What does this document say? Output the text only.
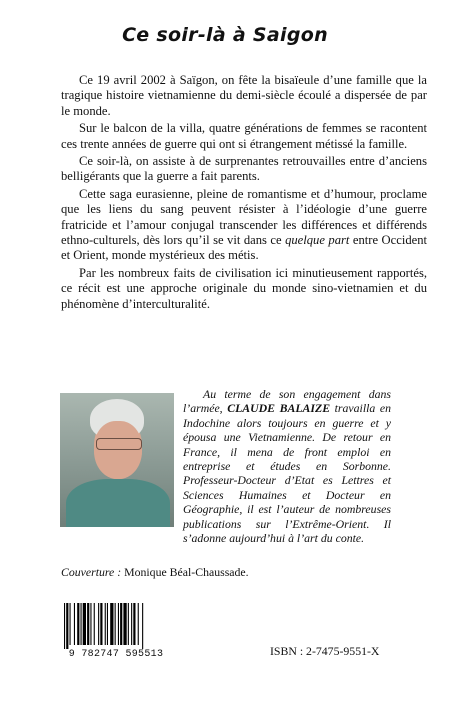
Ce soir-là à Saigon

Ce 19 avril 2002 à Saïgon, on fête la bisaïeule d’une famille que la tragique histoire vietnamienne du demi-siècle écoulé a dispersée de par le monde.

Sur le balcon de la villa, quatre générations de femmes se racontent ces trente années de guerre qui ont si étrangement métissé la famille.

Ce soir-là, on assiste à de surprenantes retrouvailles entre d’anciens belligérants que la guerre a fait parents.

Cette saga eurasienne, pleine de romantisme et d’humour, proclame que les liens du sang peuvent résister à l’idéologie d’une guerre fratricide et l’amour conjugal transcender les différences et différends ethno-culturels, dès lors qu’il se vit dans ce quelque part entre Occident et Orient, monde mystérieux des métis.

Par les nombreux faits de civilisation ici minutieusement rapportés, ce récit est une approche originale du monde sino-vietnamien et du phénomène d’interculturalité.

Au terme de son engagement dans l’armée, CLAUDE BALAIZE travailla en Indochine alors toujours en guerre et y épousa une Vietnamienne. De retour en France, il mena de front emploi en entreprise et études en Sorbonne. Professeur-Docteur d’Etat es Lettres et Sciences Humaines et Docteur en Géographie, il est l’auteur de nombreuses publications sur l’Extrême-Orient. Il s’adonne aujourd’hui à l’art du conte.
Couverture : Monique Béal-Chaussade.
9 782747 595513	ISBN : 2-7475-9551-X
